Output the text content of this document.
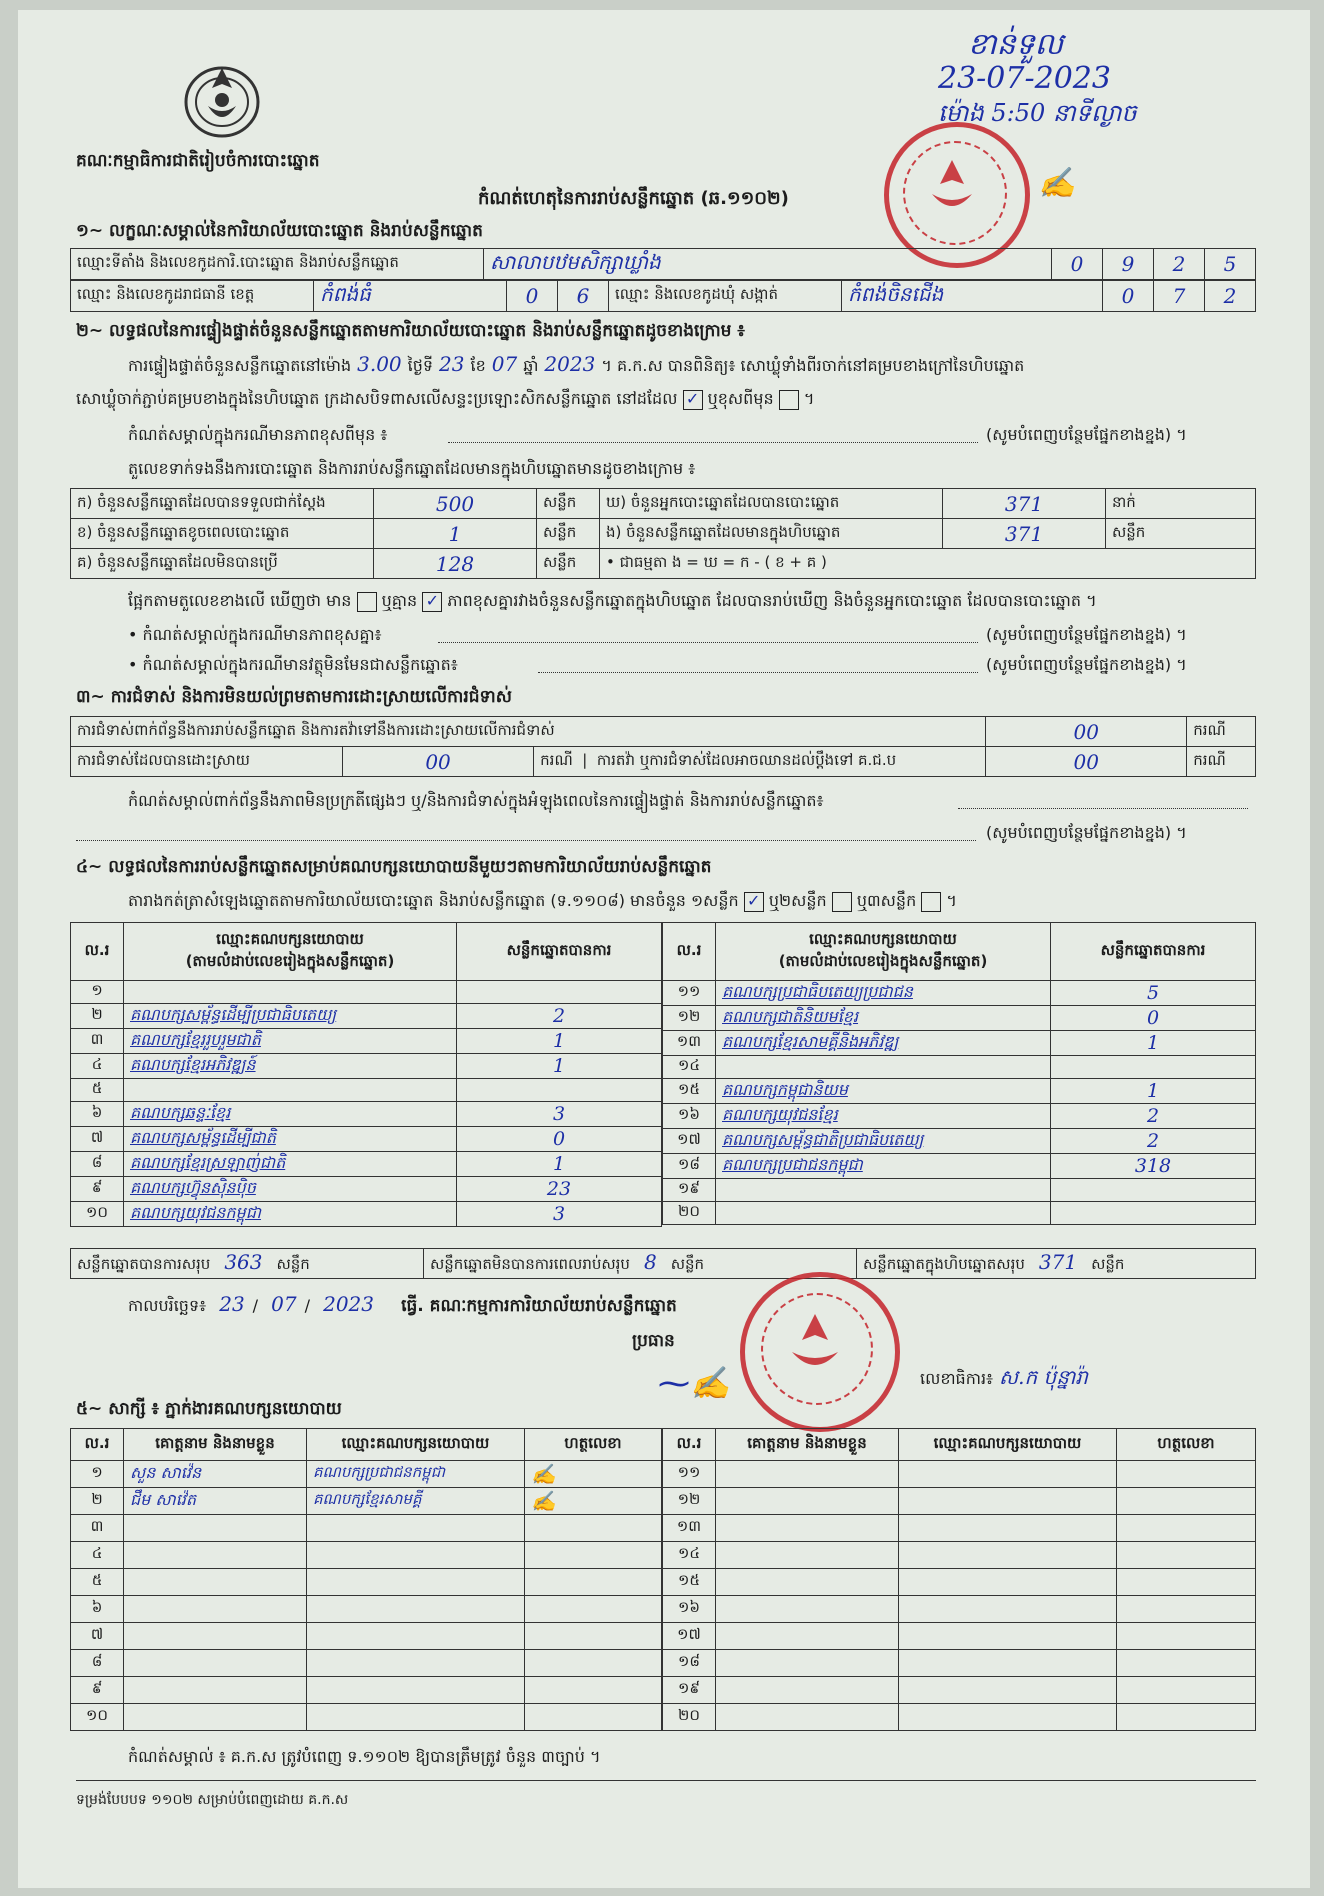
គណៈកម្មាធិការជាតិរៀបចំការបោះឆ្នោត
កំណត់ហេតុនៃការរាប់សន្លឹកឆ្នោត (ឆ.១១០២)
ខាន់ទួល
23-07-2023
ម៉ោង 5:50 នាទីល្ងាច
✍
១~ លក្ខណៈសម្គាល់នៃការិយាល័យបោះឆ្នោត និងរាប់សន្លឹកឆ្នោត
ឈ្មោះទីតាំង និងលេខកូដការិ.បោះឆ្នោត និងរាប់សន្លឹកឆ្នោត	សាលាបឋមសិក្សាឃ្លាំង	0	9	2	5
ឈ្មោះ និងលេខកូដរាជធានី ខេត្ត	កំពង់ធំ	0	6	ឈ្មោះ និងលេខកូដឃុំ សង្កាត់	កំពង់ចិនជើង	0	7	2
២~ លទ្ធផលនៃការផ្ទៀងផ្ទាត់ចំនួនសន្លឹកឆ្នោតតាមការិយាល័យបោះឆ្នោត និងរាប់សន្លឹកឆ្នោតដូចខាងក្រោម ៖
ការផ្ទៀងផ្ទាត់ចំនួនសន្លឹកឆ្នោតនៅម៉ោង 3.00 ថ្ងៃទី 23 ខែ 07 ឆ្នាំ 2023 ។ គ.ក.ស បានពិនិត្យ៖ សោឃ្លុំទាំងពីរចាក់នៅគម្របខាងក្រៅនៃហិបឆ្នោត
សោឃ្លុំចាក់ភ្ជាប់គម្របខាងក្នុងនៃហិបឆ្នោត ក្រដាសបិទពាសលើសន្ទះប្រឡោះសិកសន្លឹកឆ្នោត នៅដដែល ✓ ឬខុសពីមុន ។
កំណត់សម្គាល់ក្នុងករណីមានភាពខុសពីមុន ៖	(សូមបំពេញបន្ថែមផ្នែកខាងខ្នង) ។
តួលេខទាក់ទងនឹងការបោះឆ្នោត និងការរាប់សន្លឹកឆ្នោតដែលមានក្នុងហិបឆ្នោតមានដូចខាងក្រោម ៖
ក) ចំនួនសន្លឹកឆ្នោតដែលបានទទួលជាក់ស្តែង	500	សន្លឹក	ឃ) ចំនួនអ្នកបោះឆ្នោតដែលបានបោះឆ្នោត	371	នាក់
ខ) ចំនួនសន្លឹកឆ្នោតខូចពេលបោះឆ្នោត	1	សន្លឹក	ង) ចំនួនសន្លឹកឆ្នោតដែលមានក្នុងហិបឆ្នោត	371	សន្លឹក
គ) ចំនួនសន្លឹកឆ្នោតដែលមិនបានប្រើ	128	សន្លឹក	• ជាធម្មតា ង = ឃ = ក - ( ខ + គ )		
ផ្អែកតាមតួលេខខាងលើ ឃើញថា មាន ឬគ្មាន ✓ ភាពខុសគ្នារវាងចំនួនសន្លឹកឆ្នោតក្នុងហិបឆ្នោត ដែលបានរាប់ឃើញ និងចំនួនអ្នកបោះឆ្នោត ដែលបានបោះឆ្នោត ។
• កំណត់សម្គាល់ក្នុងករណីមានភាពខុសគ្នា៖	(សូមបំពេញបន្ថែមផ្នែកខាងខ្នង) ។
• កំណត់សម្គាល់ក្នុងករណីមានវត្ថុមិនមែនជាសន្លឹកឆ្នោត៖	(សូមបំពេញបន្ថែមផ្នែកខាងខ្នង) ។
៣~ ការជំទាស់ និងការមិនយល់ព្រមតាមការដោះស្រាយលើការជំទាស់
ការជំទាស់ពាក់ព័ន្ធនឹងការរាប់សន្លឹកឆ្នោត និងការតវ៉ាទៅនឹងការដោះស្រាយលើការជំទាស់			00	ករណី
ការជំទាស់ដែលបានដោះស្រាយ	00	ករណី  |  ការតវ៉ា ឬការជំទាស់ដែលអាចឈានដល់ប្តឹងទៅ គ.ជ.ប	00	ករណី
កំណត់សម្គាល់ពាក់ព័ន្ធនឹងភាពមិនប្រក្រតីផ្សេងៗ ឬ/និងការជំទាស់ក្នុងអំឡុងពេលនៃការផ្ទៀងផ្ទាត់ និងការរាប់សន្លឹកឆ្នោត៖
(សូមបំពេញបន្ថែមផ្នែកខាងខ្នង) ។
៤~ លទ្ធផលនៃការរាប់សន្លឹកឆ្នោតសម្រាប់គណបក្សនយោបាយនីមួយៗតាមការិយាល័យរាប់សន្លឹកឆ្នោត
តារាងកត់ត្រាសំឡេងឆ្នោតតាមការិយាល័យបោះឆ្នោត និងរាប់សន្លឹកឆ្នោត (ទ.១១០៨) មានចំនួន ១សន្លឹក ✓ ឬ២សន្លឹក ឬ៣សន្លឹក ។
ល.រ	ឈ្មោះគណបក្សនយោបាយ
(តាមលំដាប់លេខរៀងក្នុងសន្លឹកឆ្នោត)	សន្លឹកឆ្នោតបានការ
១		
២	គណបក្សសម្ព័ន្ធដើម្បីប្រជាធិបតេយ្យ	2
៣	គណបក្សខ្មែររួបរួមជាតិ	1
៤	គណបក្សខ្មែរអភិវឌ្ឍន៍	1
៥		
៦	គណបក្សឆន្ទៈខ្មែរ	3
៧	គណបក្សសម្ព័ន្ធដើម្បីជាតិ	0
៨	គណបក្សខ្មែរស្រឡាញ់ជាតិ	1
៩	គណបក្សហ៊្វុនស៊ិនប៉ិច	23
១០	គណបក្សយុវជនកម្ពុជា	3
ល.រ	ឈ្មោះគណបក្សនយោបាយ
(តាមលំដាប់លេខរៀងក្នុងសន្លឹកឆ្នោត)	សន្លឹកឆ្នោតបានការ
១១	គណបក្សប្រជាធិបតេយ្យប្រជាជន	5
១២	គណបក្សជាតិនិយមខ្មែរ	0
១៣	គណបក្សខ្មែរសាមគ្គីនិងអភិវឌ្ឍ	1
១៤		
១៥	គណបក្សកម្ពុជានិយម	1
១៦	គណបក្សយុវជនខ្មែរ	2
១៧	គណបក្សសម្ព័ន្ធជាតិប្រជាធិបតេយ្យ	2
១៨	គណបក្សប្រជាជនកម្ពុជា	318
១៩		
២០		
សន្លឹកឆ្នោតបានការសរុប 363 សន្លឹក	សន្លឹកឆ្នោតមិនបានការពេលរាប់សរុប 8 សន្លឹក	សន្លឹកឆ្នោតក្នុងហិបឆ្នោតសរុប 371 សន្លឹក
កាលបរិច្ឆេទ៖ 23 / 07 / 2023 ធ្វើ. គណៈកម្មការការិយាល័យរាប់សន្លឹកឆ្នោត
ប្រធាន
⁓✍	លេខាធិការ៖ ស.ក ប៉ុន្នារ៉ា
៥~ សាក្សី ៖ ភ្នាក់ងារគណបក្សនយោបាយ
ល.រ	គោត្តនាម និងនាមខ្លួន	ឈ្មោះគណបក្សនយោបាយ	ហត្ថលេខា
១	សួន សាវ៉េន	គណបក្សប្រជាជនកម្ពុជា	✍
២	ជឹម សាវ៉េត	គណបក្សខ្មែរសាមគ្គី	✍
៣			
៤			
៥			
៦			
៧			
៨			
៩			
១០			
ល.រ	គោត្តនាម និងនាមខ្លួន	ឈ្មោះគណបក្សនយោបាយ	ហត្ថលេខា
១១			
១២			
១៣			
១៤			
១៥			
១៦			
១៧			
១៨			
១៩			
២០			
កំណត់សម្គាល់ ៖ គ.ក.ស ត្រូវបំពេញ ទ.១១០២ ឱ្យបានត្រឹមត្រូវ ចំនួន ៣ច្បាប់ ។
ទម្រង់បែបបទ ១១០២ សម្រាប់បំពេញដោយ គ.ក.ស
